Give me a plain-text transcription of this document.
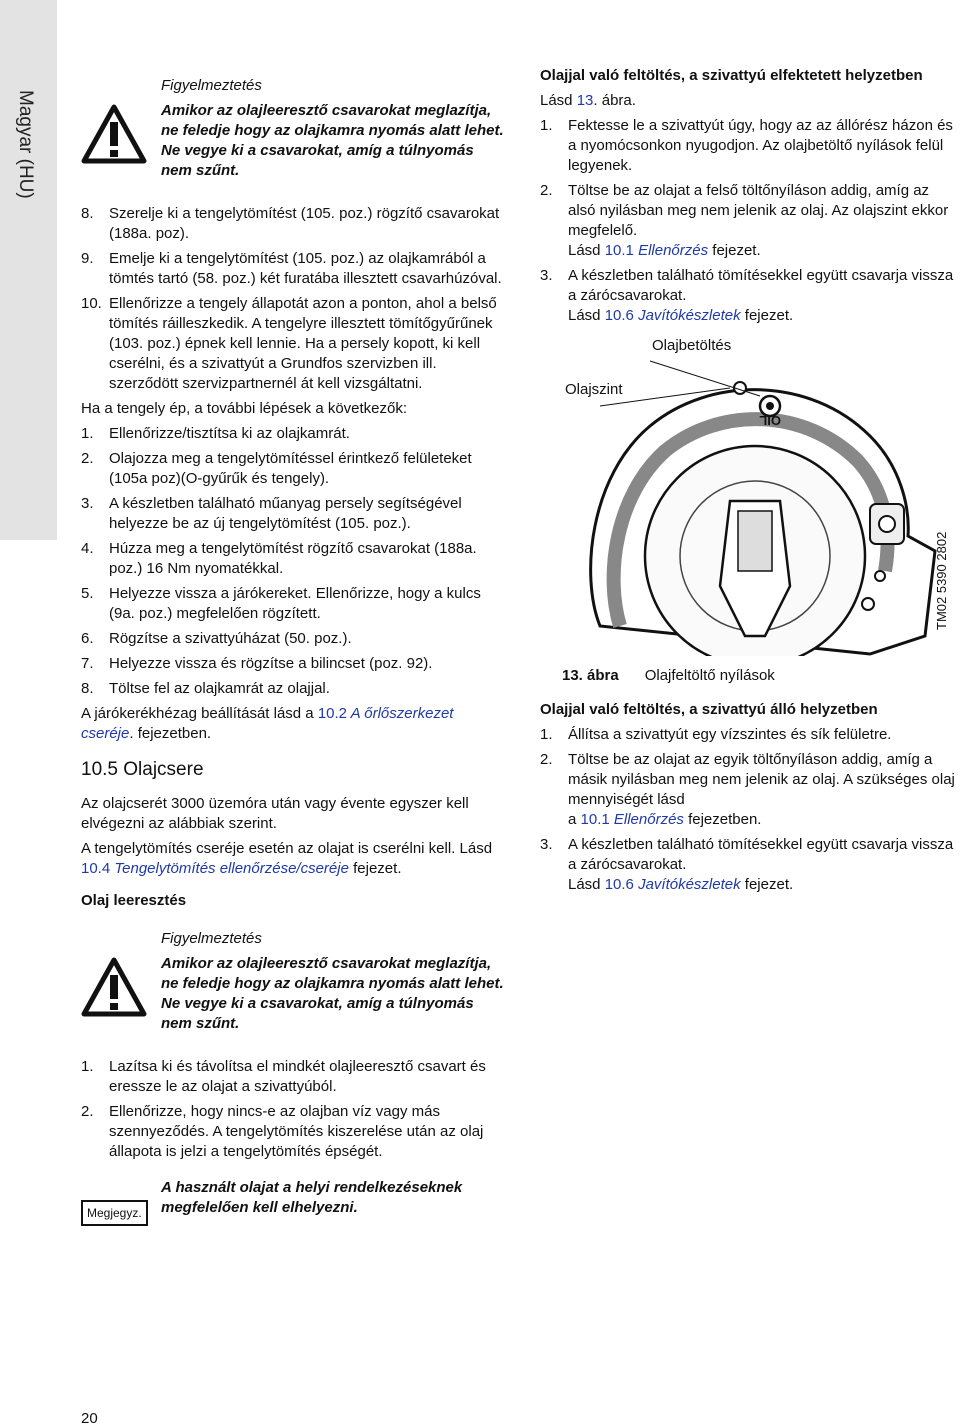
Magyar (HU)

Figyelmeztetés

Amikor az olajleeresztő csavarokat meglazítja, ne feledje hogy az olajkamra nyomás alatt lehet. Ne vegye ki a csavarokat, amíg a túlnyomás nem szűnt.

8. Szerelje ki a tengelytömítést (105. poz.) rögzítő csavarokat (188a. poz).
9. Emelje ki a tengelytömítést (105. poz.) az olajkamrából a tömtés tartó (58. poz.) két furatába illesztett csavarhúzóval.
10. Ellenőrizze a tengely állapotát azon a ponton, ahol a belső tömítés ráilleszkedik. A tengelyre illesztett tömítőgyűrűnek (103. poz.) épnek kell lennie. Ha a persely kopott, ki kell cserélni, és a szivattyút a Grundfos szervizben ill. szerződött szervizpartnernél át kell vizsgáltatni.

Ha a tengely ép, a további lépések a következők:

1. Ellenőrizze/tisztítsa ki az olajkamrát.
2. Olajozza meg a tengelytömítéssel érintkező felületeket (105a poz)(O-gyűrűk és tengely).
3. A készletben található műanyag persely segítségével helyezze be az új tengelytömítést (105. poz.).
4. Húzza meg a tengelytömítést rögzítő csavarokat (188a. poz.) 16 Nm nyomatékkal.
5. Helyezze vissza a járókereket. Ellenőrizze, hogy a kulcs (9a. poz.) megfelelően rögzített.
6. Rögzítse a szivattyúházat (50. poz.).
7. Helyezze vissza és rögzítse a bilincset (poz. 92).
8. Töltse fel az olajkamrát az olajjal.

A járókerékhézag beállítását lásd a 10.2 A őrlőszerkezet cseréje. fejezetben.

10.5 Olajcsere

Az olajcserét 3000 üzemóra után vagy évente egyszer kell elvégezni az alábbiak szerint.

A tengelytömítés cseréje esetén az olajat is cserélni kell. Lásd 10.4 Tengelytömítés ellenőrzése/cseréje fejezet.

Olaj leeresztés

Figyelmeztetés

Amikor az olajleeresztő csavarokat meglazítja, ne feledje hogy az olajkamra nyomás alatt lehet. Ne vegye ki a csavarokat, amíg a túlnyomás nem szűnt.

1. Lazítsa ki és távolítsa el mindkét olajleeresztő csavart és eressze le az olajat a szivattyúból.
2. Ellenőrizze, hogy nincs-e az olajban víz vagy más szennyeződés. A tengelytömítés kiszerelése után az olaj állapota is jelzi a tengelytömítés épségét.
Megjegyz.
A használt olajat a helyi rendelkezéseknek megfelelően kell elhelyezni.

Olajjal való feltöltés, a szivattyú elfektetett helyzetben

Lásd 13. ábra.

1. Fektesse le a szivattyút úgy, hogy az az állórész házon és a nyomócsonkon nyugodjon. Az olajbetöltő nyílások felül legyenek.
2. Töltse be az olajat a felső töltőnyíláson addig, amíg az alsó nyilásban meg nem jelenik az olaj. Az olajszint ekkor megfelelő.
Lásd 10.1 Ellenőrzés fejezet.
3. A készletben található tömítésekkel együtt csavarja vissza a zárócsavarokat.
Lásd 10.6 Javítókészletek fejezet.
OIL
Olajbetöltés
Olajszint

13. ábra Olajfeltöltő nyílások

Olajjal való feltöltés, a szivattyú álló helyzetben

1. Állítsa a szivattyút egy vízszintes és sík felületre.
2. Töltse be az olajat az egyik töltőnyíláson addig, amíg a másik nyilásban meg nem jelenik az olaj. A szükséges olaj mennyiségét lásd
a 10.1 Ellenőrzés fejezetben.
3. A készletben található tömítésekkel együtt csavarja vissza a zárócsavarokat.
Lásd 10.6 Javítókészletek fejezet.
TM02 5390 2802
20
